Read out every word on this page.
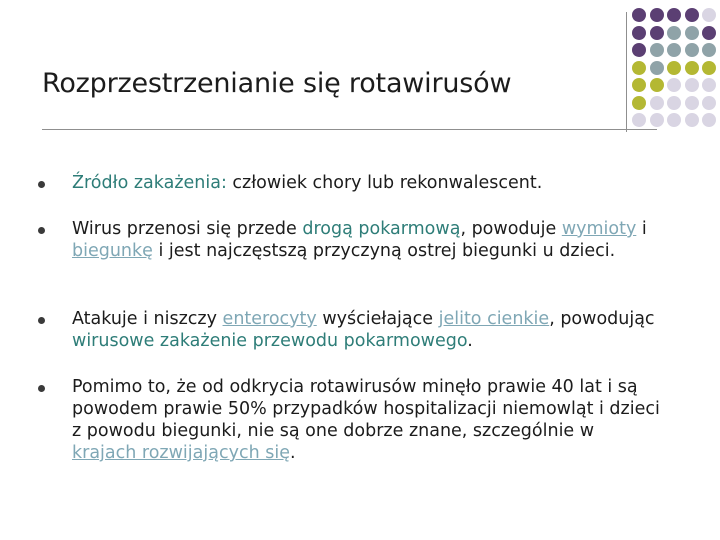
Rozprzestrzenianie się rotawirusów
Źródło zakażenia: człowiek chory lub rekonwalescent.
Wirus przenosi się przede drogą pokarmową, powoduje wymioty i biegunkę i jest najczęstszą przyczyną ostrej biegunki u dzieci.
Atakuje i niszczy enterocyty wyściełające jelito cienkie, powodując wirusowe zakażenie przewodu pokarmowego.
Pomimo to, że od odkrycia rotawirusów minęło prawie 40 lat i są powodem prawie 50% przypadków hospitalizacji niemowląt i dzieci z powodu biegunki, nie są one dobrze znane, szczególnie w krajach rozwijających się.
